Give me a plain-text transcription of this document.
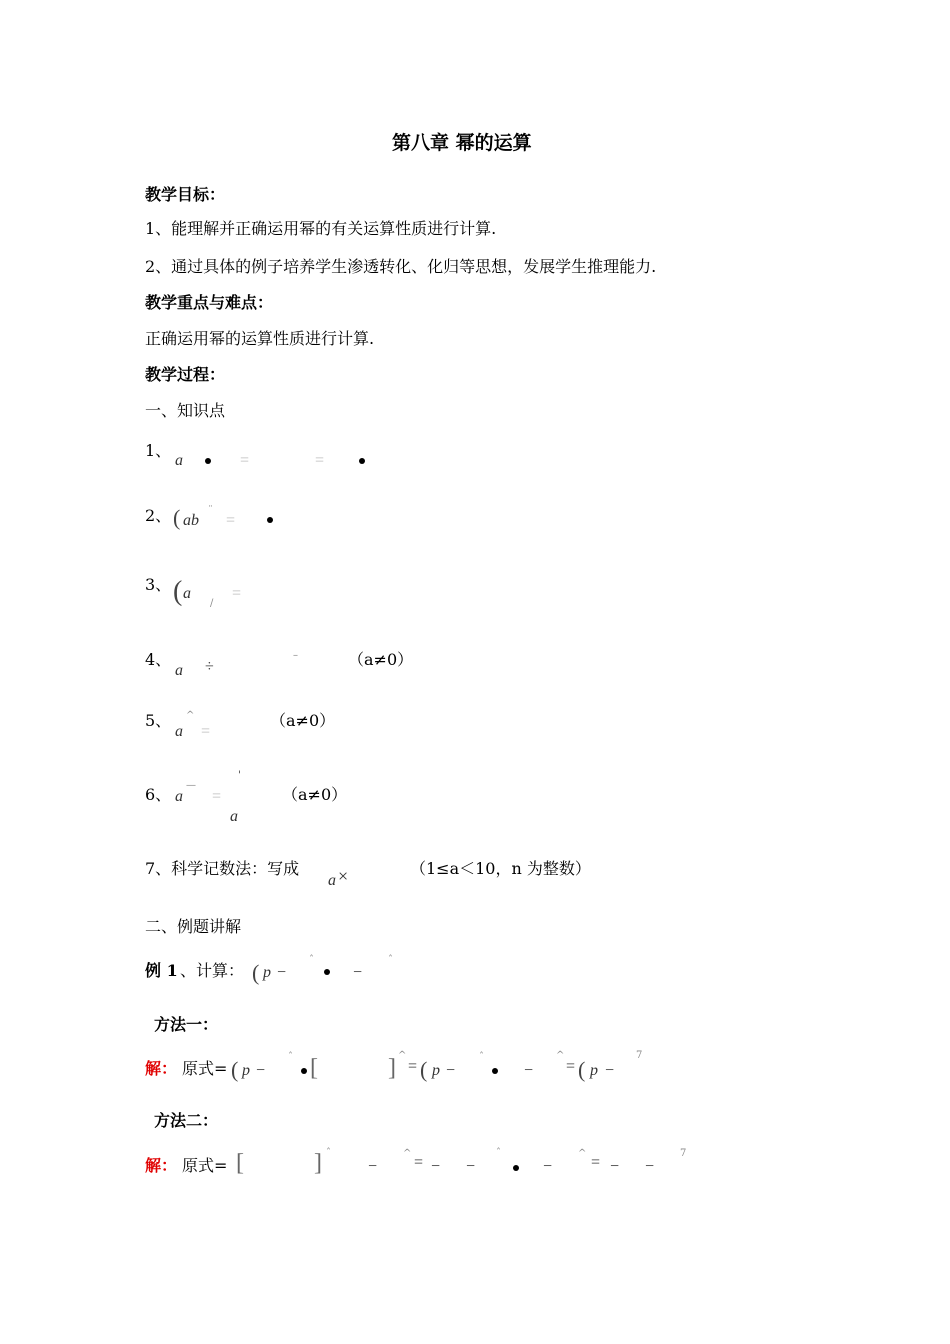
第八章 幂的运算
教学目标：
1、能理解并正确运用幂的有关运算性质进行计算.
2、通过具体的例子培养学生渗透转化、化归等思想，发展学生推理能力.
教学重点与难点：
正确运用幂的运算性质进行计算.
教学过程：
一、知识点
1、
a	=	=
2、 ( ab
¨
=
3、 ( a
/
=
4、
a ÷
–	（a≠0）
5、
a
^
=
（a≠0）
6、 a
—
=
'
a
（a≠0）
7、科学记数法：写成
a ×	（1≤a＜10，n 为整数）
二、例题讲解
例 1 、计算： ( p −
ˆ
−
ˆ
方法一：
解： 原式= ( p −
ˆ [	] ^
= ( p −
ˆ
−
^
= ( p −
7
方法二：
解： 原式= [	] ˆ
−
^
= − −
ˆ
−
^
= − −
7
